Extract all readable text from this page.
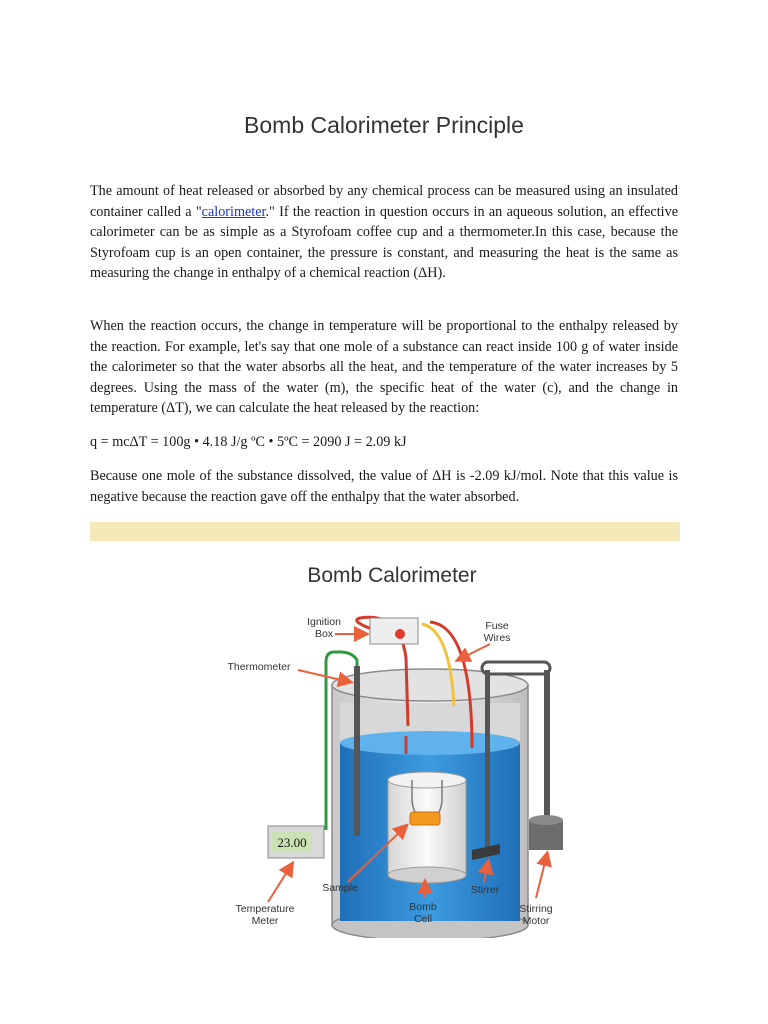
Bomb Calorimeter Principle

The amount of heat released or absorbed by any chemical process can be measured using an insulated container called a "calorimeter." If the reaction in question occurs in an aqueous solution, an effective calorimeter can be as simple as a Styrofoam coffee cup and a thermometer.In this case, because the Styrofoam cup is an open container, the pressure is constant, and measuring the heat is the same as measuring the change in enthalpy of a chemical reaction (ΔH).

When the reaction occurs, the change in temperature will be proportional to the enthalpy released by the reaction. For example, let's say that one mole of a substance can react inside 100 g of water inside the calorimeter so that the water absorbs all the heat, and the temperature of the water increases by 5 degrees. Using the mass of the water (m), the specific heat of the water (c), and the change in temperature (ΔT), we can calculate the heat released by the reaction:

q = mcΔT = 100g • 4.18 J/g ºC • 5ºC = 2090 J = 2.09 kJ

Because one mole of the substance dissolved, the value of ΔH is -2.09 kJ/mol. Note that this value is negative because the reaction gave off the enthalpy that the water absorbed.

Bomb Calorimeter
23.00
Ignition
Box
Fuse
Wires
Thermometer
Sample	Stirrer
Temperature
Meter
Bomb
Cell
Stirring
Motor
